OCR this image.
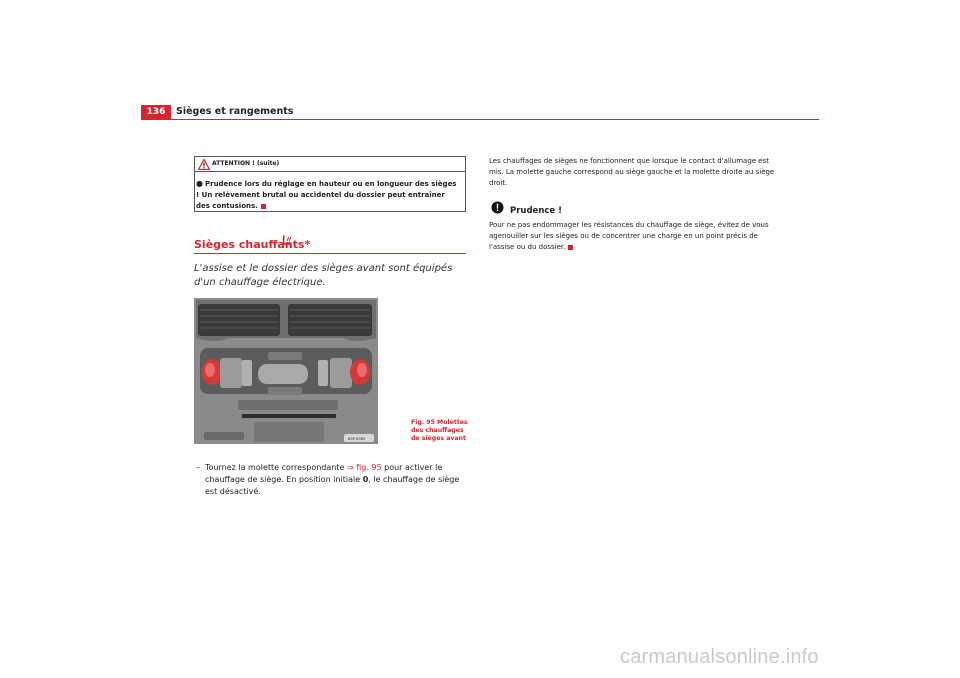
136	Sièges et rangements
ATTENTION ! (suite)
● Prudence lors du réglage en hauteur ou en longueur des sièges ! Un relèvement brutal ou accidentel du dossier peut entraîner des contusions.
Sièges chauffants*
L'assise et le dossier des sièges avant sont équipés d'un chauffage électrique.
B5P-0085
Fig. 95 Molettes des chauffages de sièges avant
– Tournez la molette correspondante ⇒ fig. 95 pour activer le chauffage de siège. En position initiale 0, le chauffage de siège est désactivé.
Les chauffages de sièges ne fonctionnent que lorsque le contact d'allumage est mis. La molette gauche correspond au siège gauche et la molette droite au siège droit.
Prudence !
Pour ne pas endommager les résistances du chauffage de siège, évitez de vous agenouiller sur les sièges ou de concentrer une charge en un point précis de l'assise ou du dossier.
carmanualsonline.info
